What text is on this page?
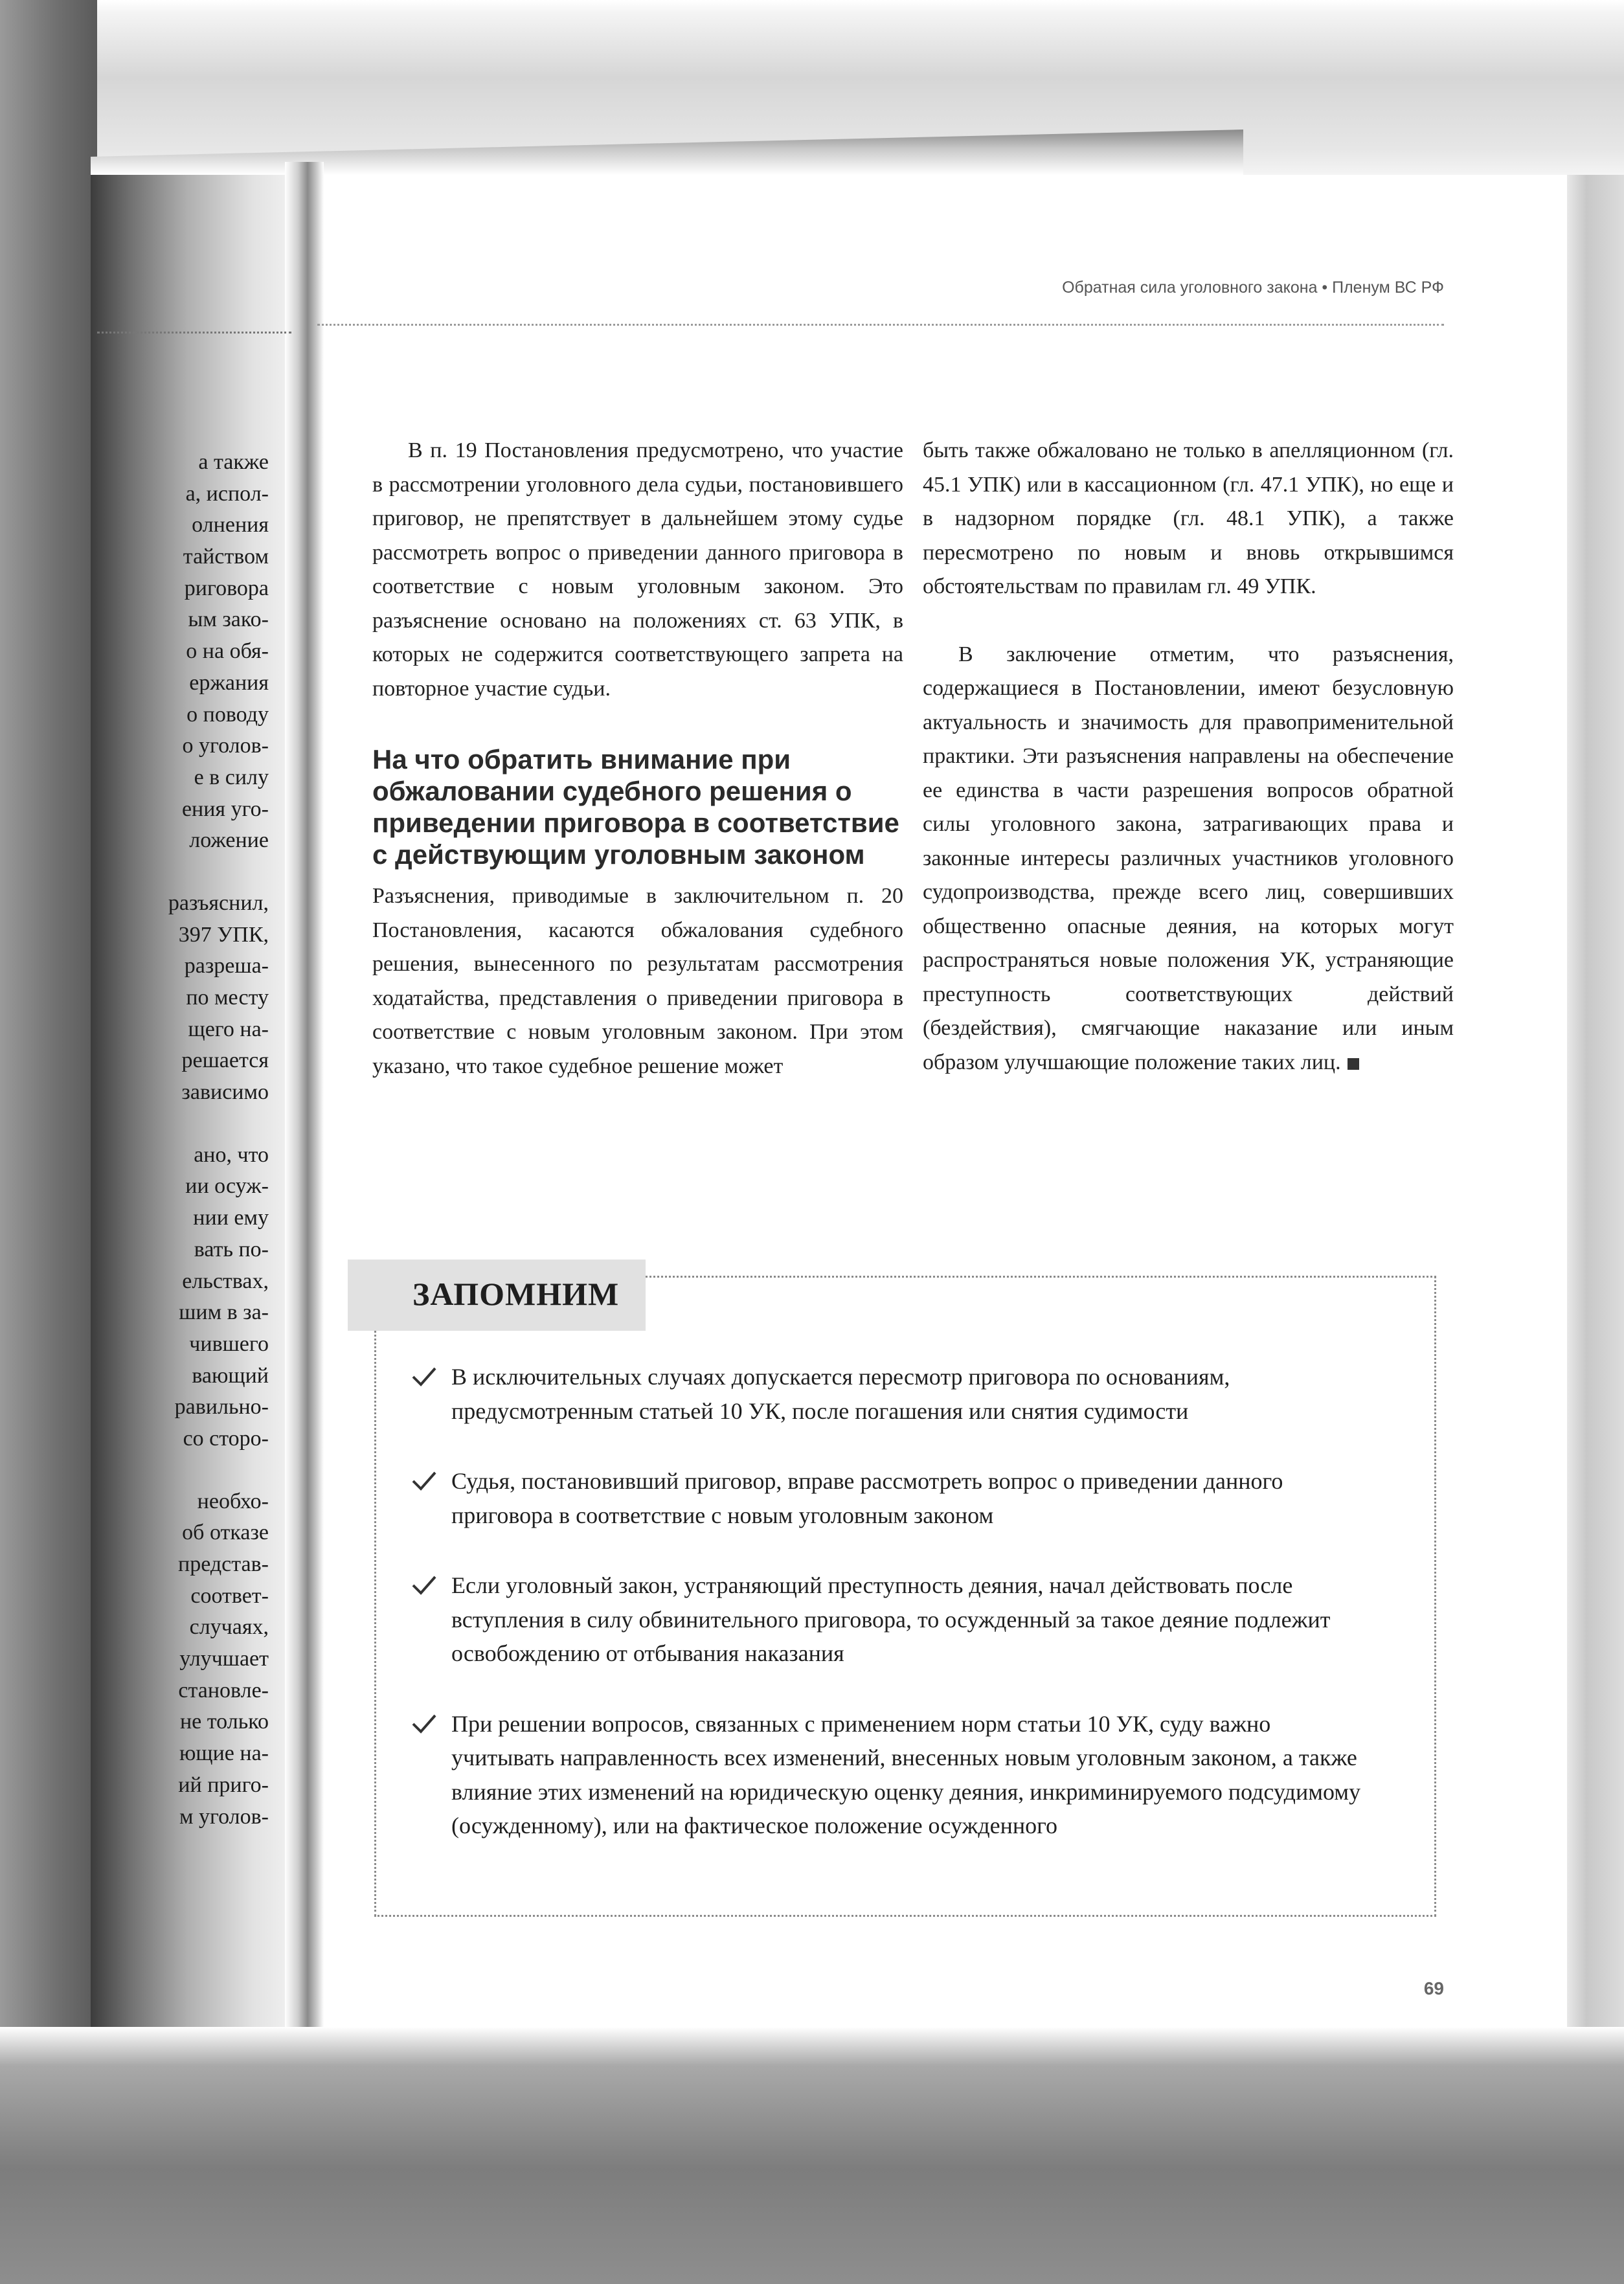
Обратная сила уголовного закона • Пленум ВС РФ
а также
а, испол-
олнения
тайством
риговора
ым зако-
о на обя-
ержания
о поводу
о уголов-
е в силу
ения уго-
ложение
разъяснил,
397 УПК,
разреша-
по месту
щего на-
решается
зависимо
ано, что
ии осуж-
нии ему
вать по-
ельствах,
шим в за-
чившего
вающий
равильно-
со сторо-
необхо-
об отказе
представ-
соответ-
случаях,
улучшает
становле-
не только
ющие на-
ий приго-
м уголов-

В п. 19 Постановления предусмотрено, что участие в рассмотрении уголовного дела судьи, постановившего приговор, не препятствует в дальнейшем этому судье рассмотреть вопрос о приведении данного приговора в соответствие с новым уголовным законом. Это разъяснение основано на положениях ст. 63 УПК, в которых не содержится соответствующего запрета на повторное участие судьи.

На что обратить внимание при обжаловании судебного решения о приведении приговора в соответствие с действующим уголовным законом

Разъяснения, приводимые в заключительном п. 20 Постановления, касаются обжалования судебного решения, вынесенного по результатам рассмотрения ходатайства, представления о приведении приговора в соответствие с новым уголовным законом. При этом указано, что такое судебное решение может

быть также обжаловано не только в апелляционном (гл. 45.1 УПК) или в кассационном (гл. 47.1 УПК), но еще и в надзорном порядке (гл. 48.1 УПК), а также пересмотрено по новым и вновь открывшимся обстоятельствам по правилам гл. 49 УПК.

В заключение отметим, что разъяснения, содержащиеся в Постановлении, имеют безусловную актуальность и значимость для правоприменительной практики. Эти разъяснения направлены на обеспечение ее единства в части разрешения вопросов обратной силы уголовного закона, затрагивающих права и законные интересы различных участников уголовного судопроизводства, прежде всего лиц, совершивших общественно опасные деяния, на которых могут распространяться новые положения УК, устраняющие преступность соответствующих действий (бездействия), смягчающие наказание или иным образом улучшающие положение таких лиц.

ЗАПОМНИМ
В исключительных случаях допускается пересмотр приговора по основаниям, предусмотренным статьей 10 УК, после погашения или снятия судимости
Судья, постановивший приговор, вправе рассмотреть вопрос о приведении данного приговора в соответствие с новым уголовным законом
Если уголовный закон, устраняющий преступность деяния, начал действовать после вступления в силу обвинительного приговора, то осужденный за такое деяние подлежит освобождению от отбывания наказания
При решении вопросов, связанных с применением норм статьи 10 УК, суду важно учитывать направленность всех изменений, внесенных новым уголовным законом, а также влияние этих изменений на юридическую оценку деяния, инкриминируемого подсудимому (осужденному), или на фактическое положение осужденного
69
